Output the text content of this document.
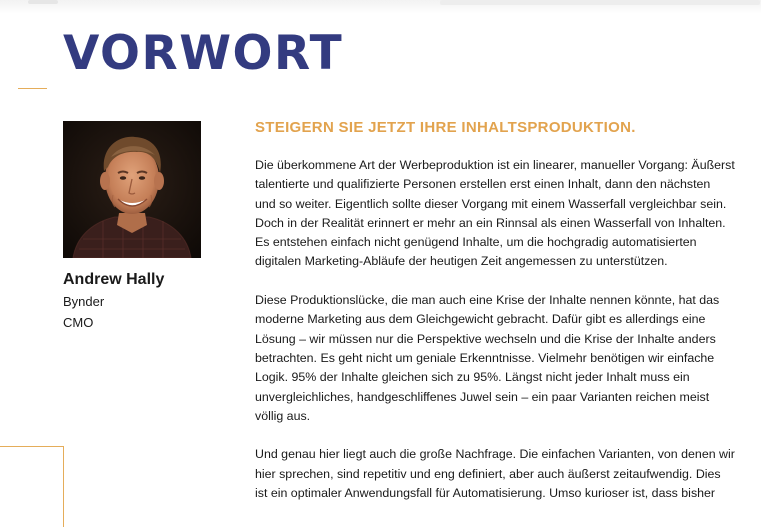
VORWORT
Andrew Hally
Bynder
CMO
STEIGERN SIE JETZT IHRE INHALTSPRODUKTION.

Die überkommene Art der Werbeproduktion ist ein linearer, manueller Vorgang: Äußerst
talentierte und qualifizierte Personen erstellen erst einen Inhalt, dann den nächsten
und so weiter. Eigentlich sollte dieser Vorgang mit einem Wasserfall vergleichbar sein.
Doch in der Realität erinnert er mehr an ein Rinnsal als einen Wasserfall von Inhalten.
Es entstehen einfach nicht genügend Inhalte, um die hochgradig automatisierten
digitalen Marketing-Abläufe der heutigen Zeit angemessen zu unterstützen.

Diese Produktionslücke, die man auch eine Krise der Inhalte nennen könnte, hat das
moderne Marketing aus dem Gleichgewicht gebracht. Dafür gibt es allerdings eine
Lösung – wir müssen nur die Perspektive wechseln und die Krise der Inhalte anders
betrachten. Es geht nicht um geniale Erkenntnisse. Vielmehr benötigen wir einfache
Logik. 95% der Inhalte gleichen sich zu 95%. Längst nicht jeder Inhalt muss ein
unvergleichliches, handgeschliffenes Juwel sein – ein paar Varianten reichen meist
völlig aus.

Und genau hier liegt auch die große Nachfrage. Die einfachen Varianten, von denen wir
hier sprechen, sind repetitiv und eng definiert, aber auch äußerst zeitaufwendig. Dies
ist ein optimaler Anwendungsfall für Automatisierung. Umso kurioser ist, dass bisher
